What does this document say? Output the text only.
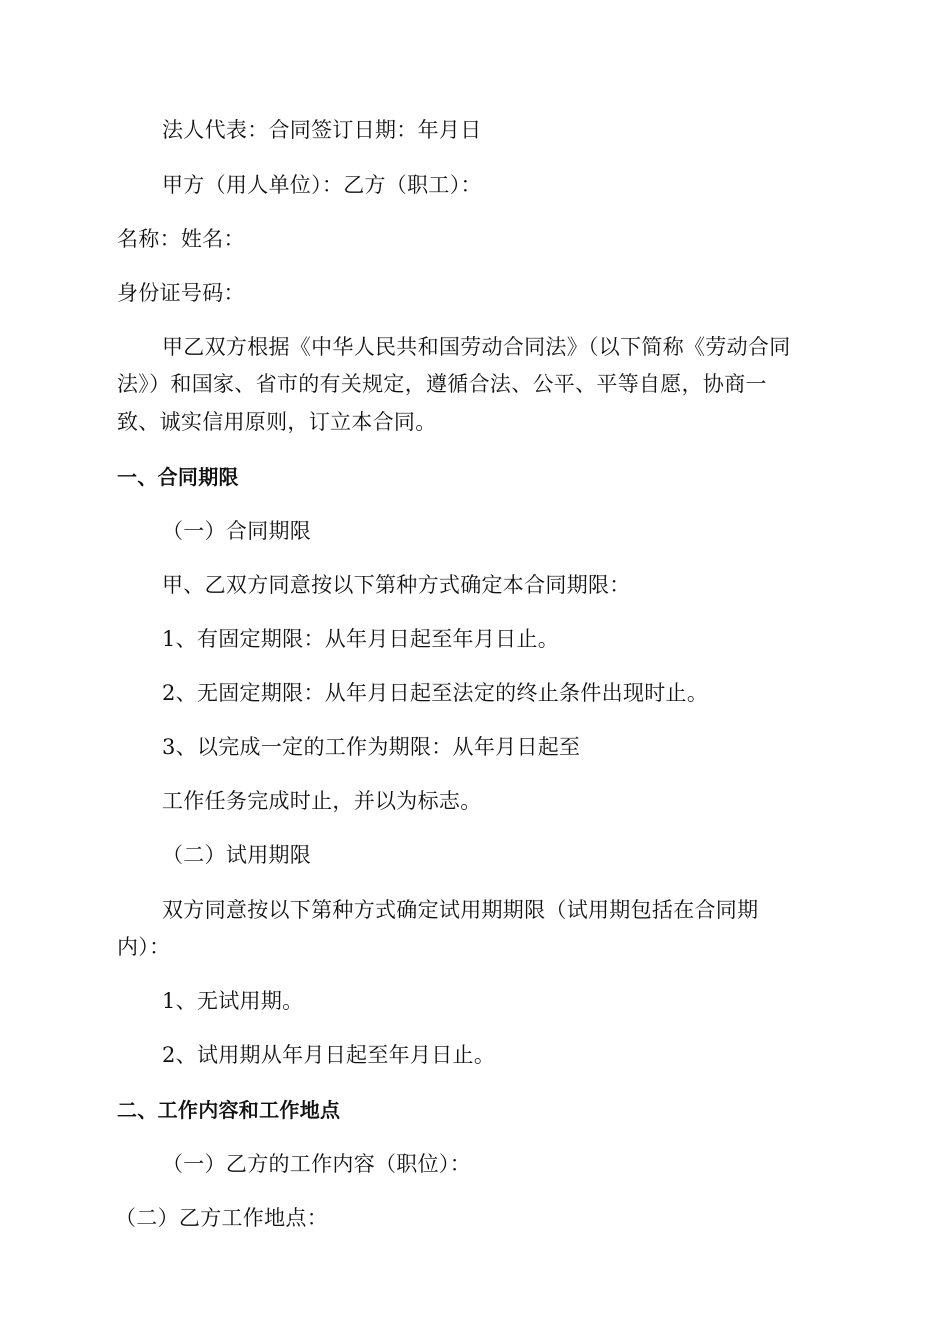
法人代表：合同签订日期：年月日
甲方（用人单位）：乙方（职工）：
名称：姓名：
身份证号码：
甲乙双方根据《中华人民共和国劳动合同法》（以下简称《劳动合同
法》）和国家、省市的有关规定，遵循合法、公平、平等自愿，协商一
致、诚实信用原则，订立本合同。
一、合同期限
（一）合同期限
甲、乙双方同意按以下第种方式确定本合同期限：
1、有固定期限：从年月日起至年月日止。
2、无固定期限：从年月日起至法定的终止条件出现时止。
3、以完成一定的工作为期限：从年月日起至
工作任务完成时止，并以为标志。
（二）试用期限
双方同意按以下第种方式确定试用期期限（试用期包括在合同期
内）：
1、无试用期。
2、试用期从年月日起至年月日止。
二、工作内容和工作地点
（一）乙方的工作内容（职位）：
（二）乙方工作地点：
